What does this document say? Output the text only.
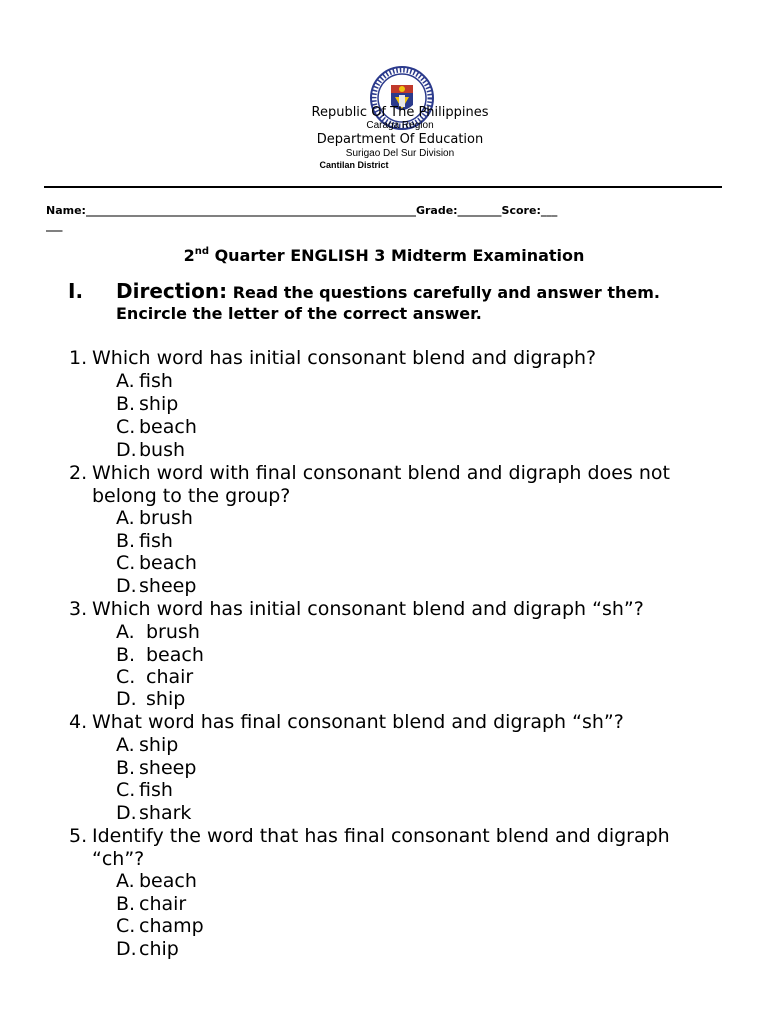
Republic Of The Philippines
Caraga Region
Department Of Education
Surigao Del Sur Division
Cantilan District
Name:____________________________________________________________Grade:________Score:___
___
2nd Quarter ENGLISH 3 Midterm Examination
I. Direction: Read the questions carefully and answer them.
Encircle the letter of the correct answer.
1. Which word has initial consonant blend and digraph?
A. fish
B. ship
C. beach
D. bush
2. Which word with final consonant blend and digraph does not
belong to the group?
A. brush
B. fish
C. beach
D. sheep
3. Which word has initial consonant blend and digraph “sh”?
A. brush
B. beach
C. chair
D. ship
4. What word has final consonant blend and digraph “sh”?
A. ship
B. sheep
C. fish
D. shark
5. Identify the word that has final consonant blend and digraph
“ch”?
A. beach
B. chair
C. champ
D. chip
